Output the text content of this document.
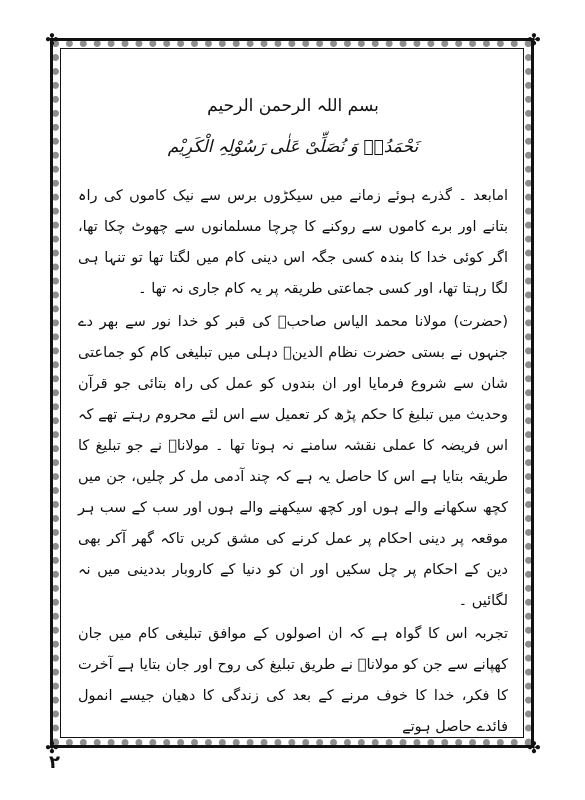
✤	✤
✤	✤
بسم اللہ الرحمن الرحیم
نَحْمَدُہٗ وَ نُصَلِّیْ عَلٰی رَسُوْلِہِ الْکَرِیْم

امابعد ۔ گذرے ہوئے زمانے میں سیکڑوں برس سے نیک کاموں کی راہ بتانے اور برے کاموں سے روکنے کا چرچا مسلمانوں سے چھوٹ چکا تھا، اگر کوئی خدا کا بندہ کسی جگہ اس دینی کام میں لگتا تھا تو تنہا ہی لگا رہتا تھا، اور کسی جماعتی طریقہ پر یہ کام جاری نہ تھا ۔

(حضرت) مولانا محمد الیاس صاحبؒ کی قبر کو خدا نور سے بھر دے جنہوں نے بستی حضرت نظام الدینؒ دہلی میں تبلیغی کام کو جماعتی شان سے شروع فرمایا اور ان بندوں کو عمل کی راہ بتائی جو قرآن وحدیث میں تبلیغ کا حکم پڑھ کر تعمیل سے اس لئے محروم رہتے تھے کہ اس فریضہ کا عملی نقشہ سامنے نہ ہوتا تھا ۔ مولاناؒ نے جو تبلیغ کا طریقہ بتایا ہے اس کا حاصل یہ ہے کہ چند آدمی مل کر چلیں، جن میں کچھ سکھانے والے ہوں اور کچھ سیکھنے والے ہوں اور سب کے سب ہر موقعہ پر دینی احکام پر عمل کرنے کی مشق کریں تاکہ گھر آکر بھی دین کے احکام پر چل سکیں اور ان کو دنیا کے کاروبار بددینی میں نہ لگائیں ۔

تجربہ اس کا گواہ ہے کہ ان اصولوں کے موافق تبلیغی کام میں جان کھپانے سے جن کو مولاناؒ نے طریق تبلیغ کی روح اور جان بتایا ہے آخرت کا فکر، خدا کا خوف مرنے کے بعد کی زندگی کا دھیان جیسے انمول فائدے حاصل ہوتے

۲
